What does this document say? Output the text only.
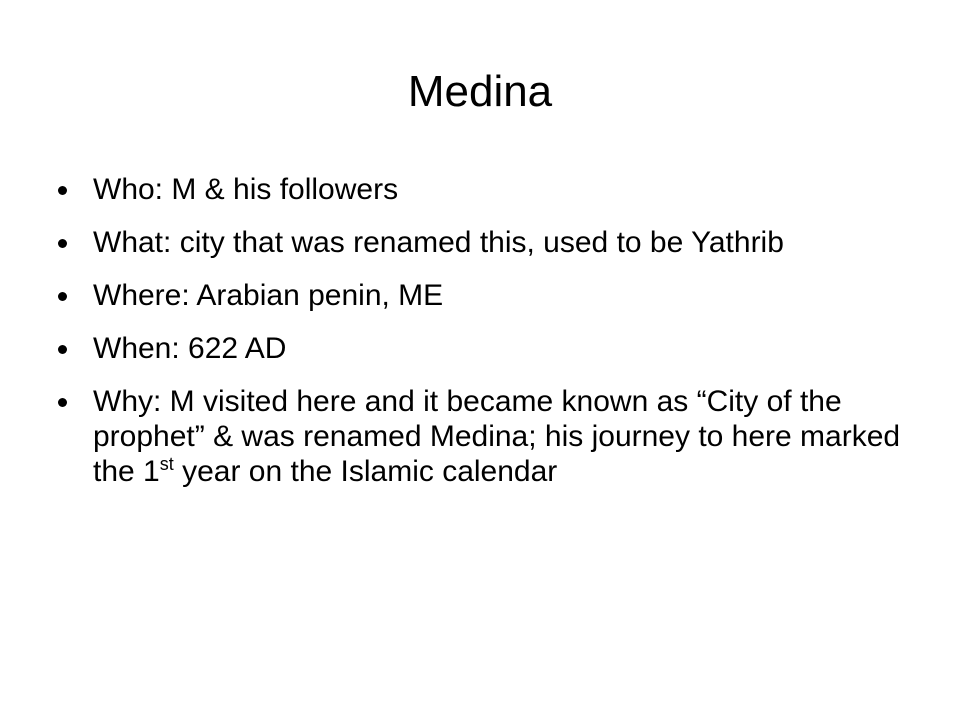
Medina
Who: M & his followers
What: city that was renamed this, used to be Yathrib
Where: Arabian penin, ME
When: 622 AD
Why: M visited here and it became known as “City of the prophet” & was renamed Medina; his journey to here marked the 1st year on the Islamic calendar
